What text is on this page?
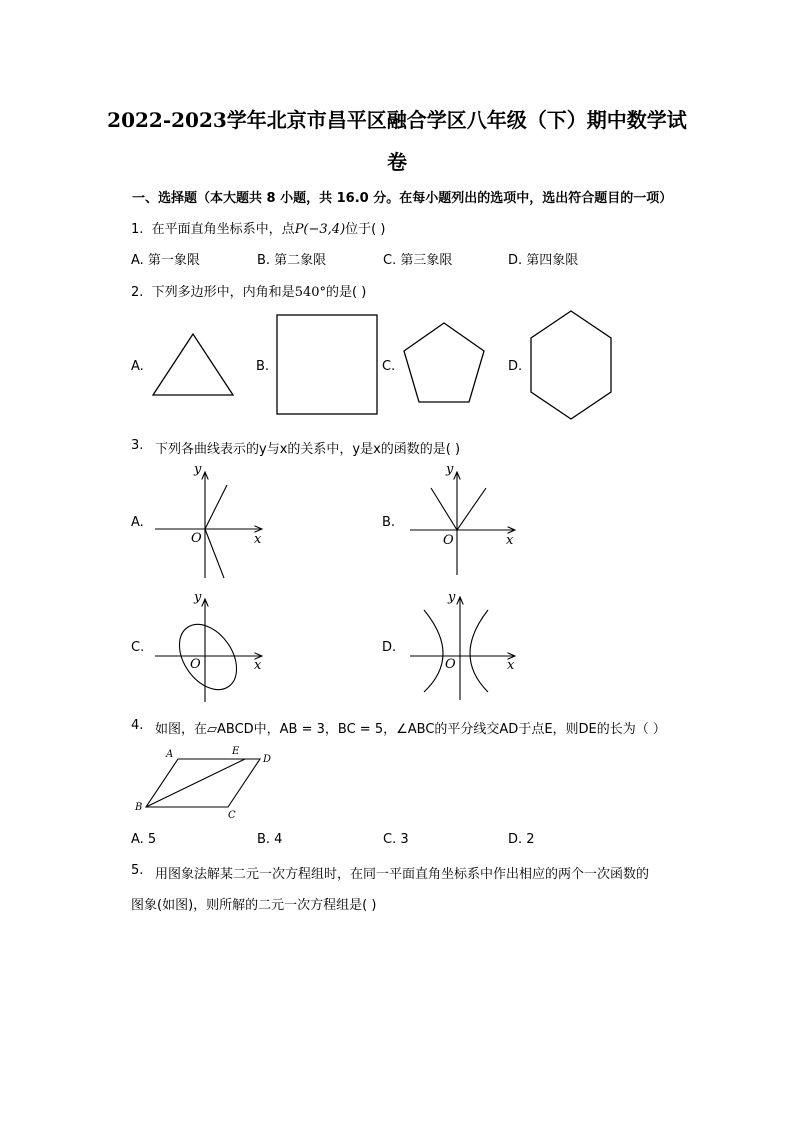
2022-2023学年北京市昌平区融合学区八年级（下）期中数学试
卷
一、选择题（本大题共 8 小题，共 16.0 分。在每小题列出的选项中，选出符合题目的一项）
1. 在平面直角坐标系中，点P(−3,4)位于( )
A. 第一象限	B. 第二象限	C. 第三象限	D. 第四象限
2. 下列多边形中，内角和是540°的是( )
A.	B.	C.	D.
下列各曲线表示的y与x的关系中，y是x的函数的是( )
3.
A.	B.
C.	D.
y
x
O
y
x
O
y
x
O
y
x
O
4. 如图，在▱ABCD中，AB = 3，BC = 5，∠ABC的平分线交AD于点E，则DE的长为（ ）
A	E
D
B
C
A. 5	B. 4	C. 3	D. 2
5. 用图象法解某二元一次方程组时，在同一平面直角坐标系中作出相应的两个一次函数的
图象(如图)，则所解的二元一次方程组是( )
